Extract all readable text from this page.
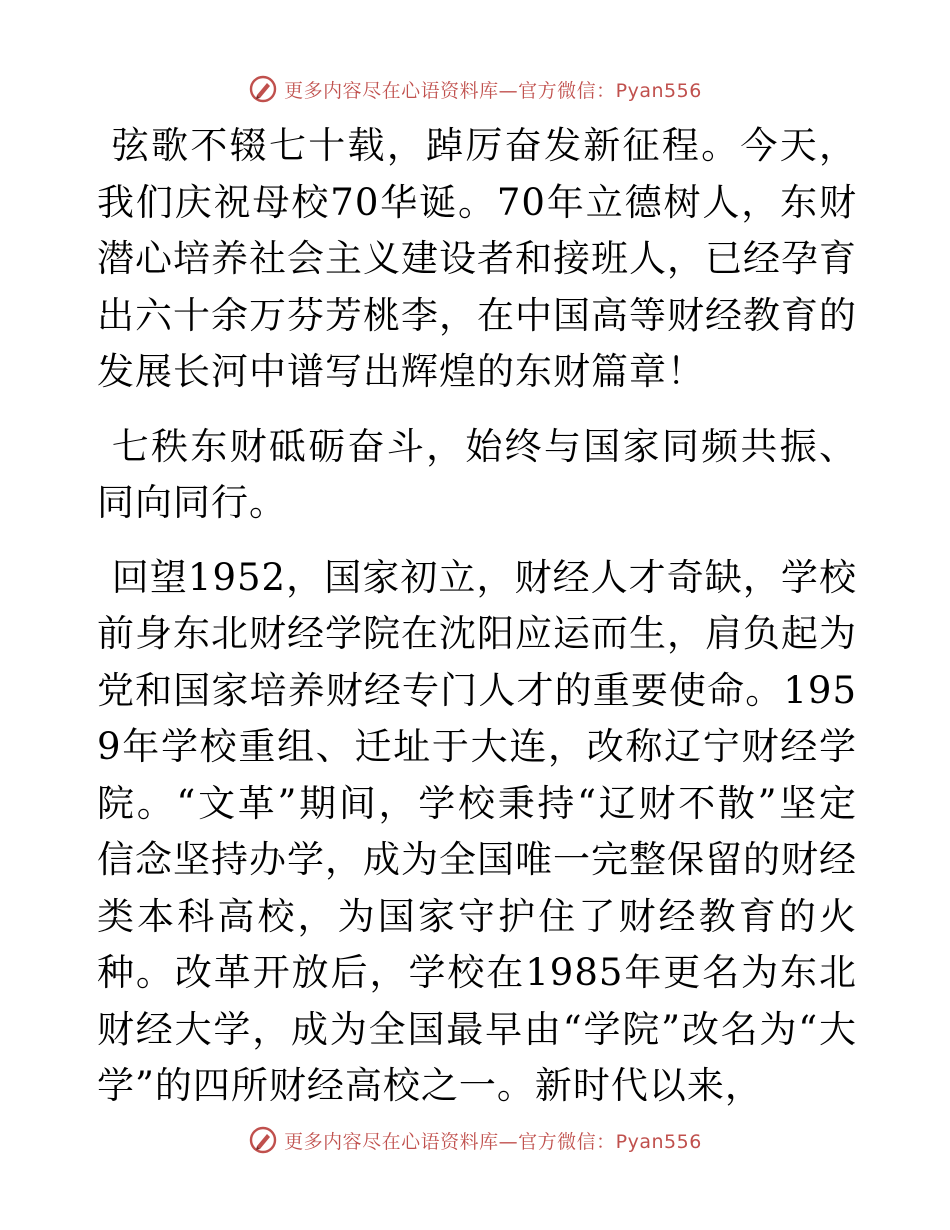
更多内容尽在心语资料库—官方微信：Pyan556

弦歌不辍七十载，踔厉奋发新征程。今天，我们庆祝母校70华诞。70年立德树人，东财潜心培养社会主义建设者和接班人，已经孕育出六十余万芬芳桃李，在中国高等财经教育的发展长河中谱写出辉煌的东财篇章！

七秩东财砥砺奋斗，始终与国家同频共振、同向同行。

回望1952，国家初立，财经人才奇缺，学校前身东北财经学院在沈阳应运而生，肩负起为党和国家培养财经专门人才的重要使命。1959年学校重组、迁址于大连，改称辽宁财经学院。“文革”期间，学校秉持“辽财不散”坚定信念坚持办学，成为全国唯一完整保留的财经类本科高校，为国家守护住了财经教育的火种。改革开放后，学校在1985年更名为东北财经大学，成为全国最早由“学院”改名为“大学”的四所财经高校之一。新时代以来，

更多内容尽在心语资料库—官方微信：Pyan556
